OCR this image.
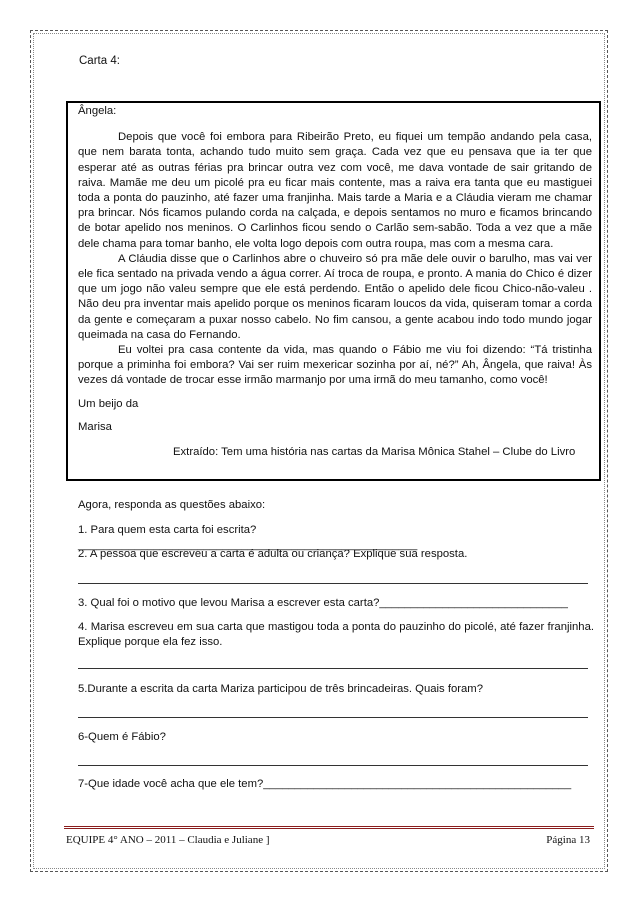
Carta 4:

Ângela:

Depois que você foi embora para Ribeirão Preto, eu fiquei um tempão andando pela casa, que nem barata tonta, achando tudo muito sem graça. Cada vez que eu pensava que ia ter que esperar até as outras férias pra brincar outra vez com você, me dava vontade de sair gritando de raiva. Mamãe me deu um picolé pra eu ficar mais contente, mas a raiva era tanta que eu mastiguei toda a ponta do pauzinho, até fazer uma franjinha. Mais tarde a Maria e a Cláudia vieram me chamar pra brincar. Nós ficamos pulando corda na calçada, e depois sentamos no muro e ficamos brincando de botar apelido nos meninos. O Carlinhos ficou sendo o Carlão sem-sabão. Toda a vez que a mãe dele chama para tomar banho, ele volta logo depois com outra roupa, mas com a mesma cara.

A Cláudia disse que o Carlinhos abre o chuveiro só pra mãe dele ouvir o barulho, mas vai ver ele fica sentado na privada vendo a água correr. Aí troca de roupa, e pronto. A mania do Chico é dizer que um jogo não valeu sempre que ele está perdendo. Então o apelido dele ficou Chico-não-valeu . Não deu pra inventar mais apelido porque os meninos ficaram loucos da vida, quiseram tomar a corda da gente e começaram a puxar nosso cabelo. No fim cansou, a gente acabou indo todo mundo jogar queimada na casa do Fernando.

Eu voltei pra casa contente da vida, mas quando o Fábio me viu foi dizendo: “Tá tristinha porque a priminha foi embora? Vai ser ruim mexericar sozinha por aí, né?” Ah, Ângela, que raiva! Às vezes dá vontade de trocar esse irmão marmanjo por uma irmã do meu tamanho, como você!

Um beijo da
Marisa
Extraído: Tem uma história nas cartas da Marisa Mônica Stahel – Clube do Livro
Agora, responda as questões abaixo:
1. Para quem esta carta foi escrita?______________________________________________________
2. A pessoa que escreveu a carta é adulta ou criança? Explique sua resposta.
3. Qual foi o motivo que levou Marisa a escrever esta carta?______________________________
4. Marisa escreveu em sua carta que mastigou toda a ponta do pauzinho do picolé, até fazer franjinha. Explique porque ela fez isso.
5.Durante a escrita da carta Mariza participou de três brincadeiras. Quais foram?
6-Quem é Fábio?
7-Que idade você acha que ele tem?_________________________________________________
EQUIPE 4° ANO – 2011 – Claudia e Juliane ]	Página 13
